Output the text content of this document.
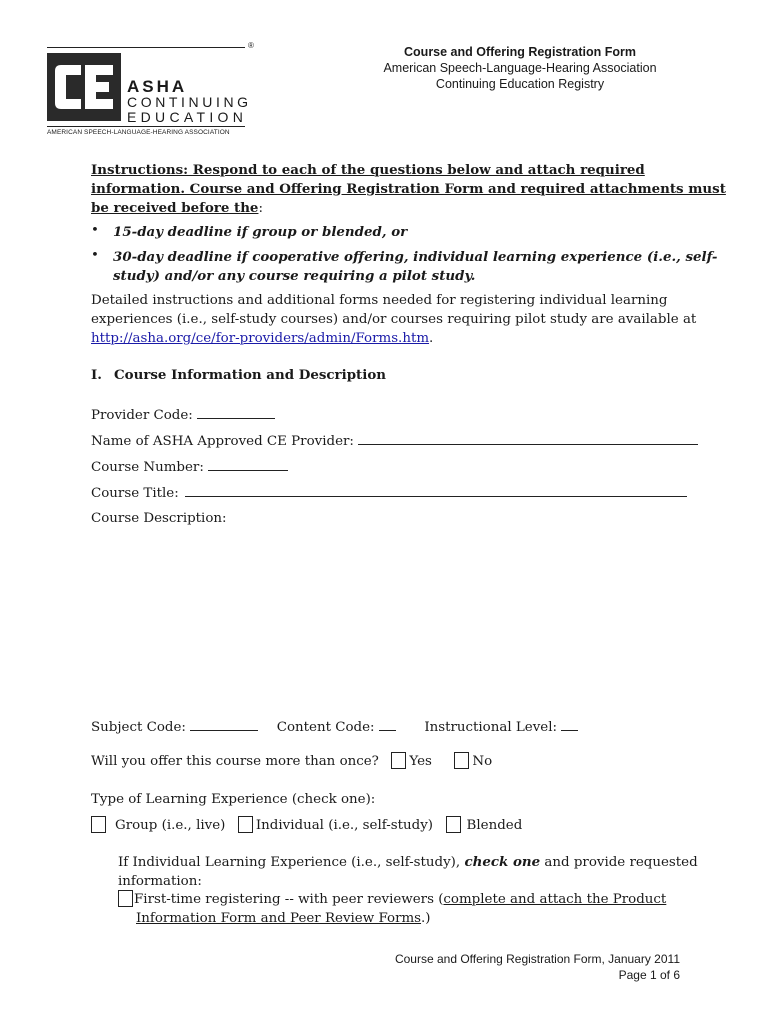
®
ASHA
CONTINUING
EDUCATION
AMERICAN SPEECH-LANGUAGE-HEARING ASSOCIATION
Course and Offering Registration Form
American Speech-Language-Hearing Association
Continuing Education Registry
Instructions: Respond to each of the questions below and attach required
information. Course and Offering Registration Form and required attachments must
be received before the:
• 15-day deadline if group or blended, or
• 30-day deadline if cooperative offering, individual learning experience (i.e., self-
study) and/or any course requiring a pilot study.
Detailed instructions and additional forms needed for registering individual learning
experiences (i.e., self-study courses) and/or courses requiring pilot study are available at
http://asha.org/ce/for-providers/admin/Forms.htm.
I. Course Information and Description
Provider Code:
Name of ASHA Approved CE Provider:
Course Number:
Course Title:
Course Description:
Subject Code:	Content Code:	Instructional Level:
Will you offer this course more than once? Yes	No
Type of Learning Experience (check one):
Group (i.e., live) Individual (i.e., self-study)	Blended
If Individual Learning Experience (i.e., self-study), check one and provide requested
information:
First-time registering -- with peer reviewers (complete and attach the Product
Information Form and Peer Review Forms.)
Course and Offering Registration Form, January 2011
Page 1 of 6
